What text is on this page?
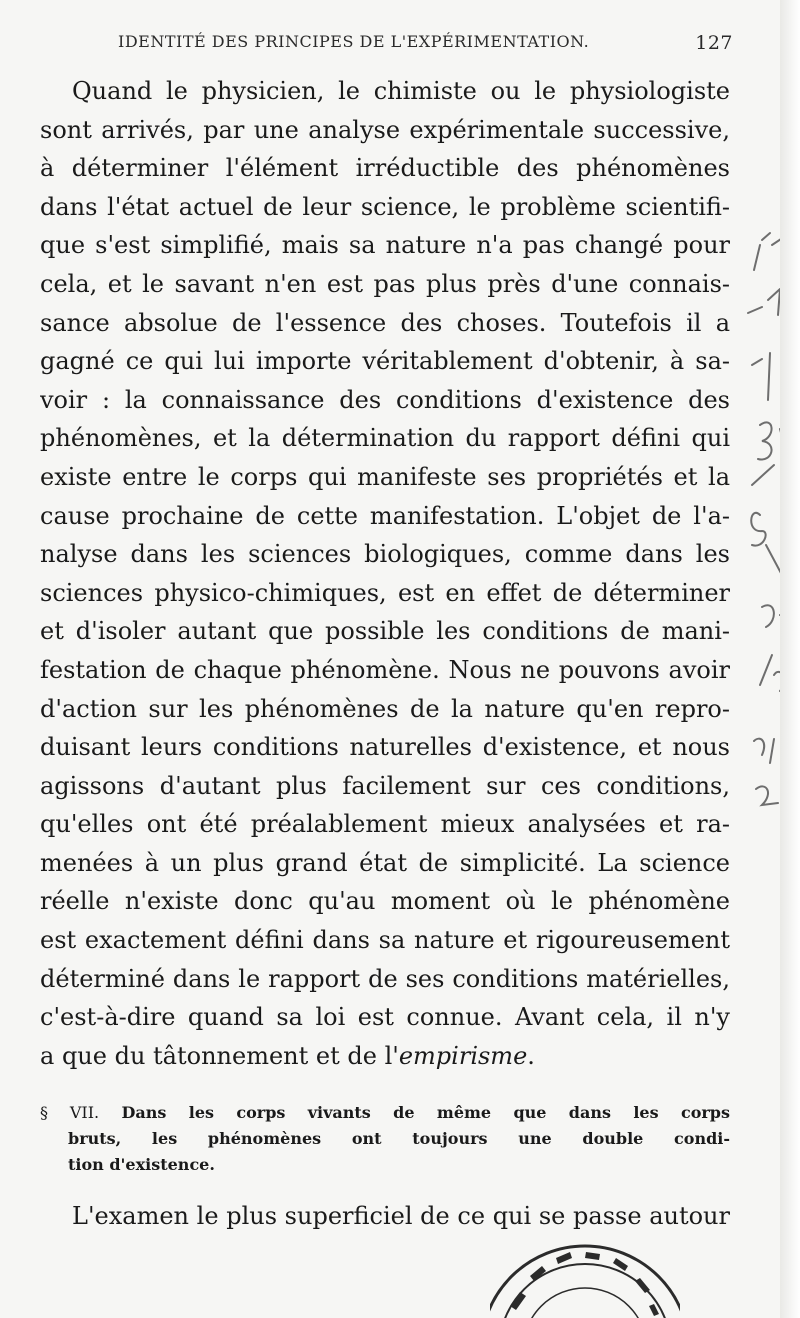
IDENTITÉ DES PRINCIPES DE L'EXPÉRIMENTATION.	127
Quand le physicien, le chimiste ou le physiologiste
sont arrivés, par une analyse expérimentale successive,
à déterminer l'élément irréductible des phénomènes
dans l'état actuel de leur science, le problème scientifi-
que s'est simplifié, mais sa nature n'a pas changé pour
cela, et le savant n'en est pas plus près d'une connais-
sance absolue de l'essence des choses. Toutefois il a
gagné ce qui lui importe véritablement d'obtenir, à sa-
voir : la connaissance des conditions d'existence des
phénomènes, et la détermination du rapport défini qui
existe entre le corps qui manifeste ses propriétés et la
cause prochaine de cette manifestation. L'objet de l'a-
nalyse dans les sciences biologiques, comme dans les
sciences physico-chimiques, est en effet de déterminer
et d'isoler autant que possible les conditions de mani-
festation de chaque phénomène. Nous ne pouvons avoir
d'action sur les phénomènes de la nature qu'en repro-
duisant leurs conditions naturelles d'existence, et nous
agissons d'autant plus facilement sur ces conditions,
qu'elles ont été préalablement mieux analysées et ra-
menées à un plus grand état de simplicité. La science
réelle n'existe donc qu'au moment où le phénomène
est exactement défini dans sa nature et rigoureusement
déterminé dans le rapport de ses conditions matérielles,
c'est-à-dire quand sa loi est connue. Avant cela, il n'y
a que du tâtonnement et de l'empirisme.
§ VII. Dans les corps vivants de même que dans les corps
bruts, les phénomènes ont toujours une double condi-
tion d'existence.
L'examen le plus superficiel de ce qui se passe autour
